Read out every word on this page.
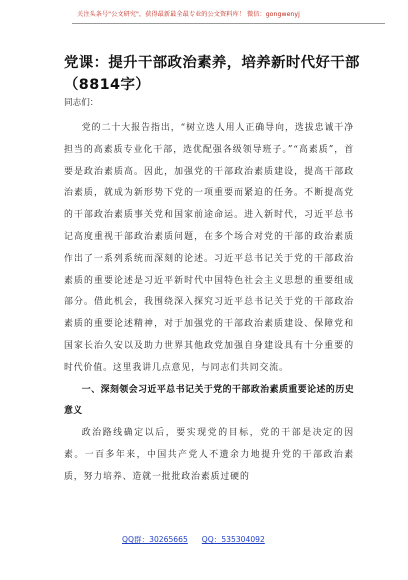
关注头条号"公文研究"，获得最新最全最专业的公文资料库！ 微信：gongwenyj
党课：提升干部政治素养，培养新时代好干部（8814字）
同志们：

党的二十大报告指出，“树立选人用人正确导向，选拔忠诚干净担当的高素质专业化干部，选优配强各级领导班子。”“高素质”，首要是政治素质高。因此，加强党的干部政治素质建设，提高干部政治素质，就成为新形势下党的一项重要而紧迫的任务。不断提高党的干部政治素质事关党和国家前途命运。进入新时代，习近平总书记高度重视干部政治素质问题，在多个场合对党的干部的政治素质作出了一系列系统而深刻的论述。习近平总书记关于党的干部政治素质的重要论述是习近平新时代中国特色社会主义思想的重要组成部分。借此机会，我围绕深入探究习近平总书记关于党的干部政治素质的重要论述精神，对于加强党的干部政治素质建设、保障党和国家长治久安以及助力世界其他政党加强自身建设具有十分重要的时代价值。这里我讲几点意见，与同志们共同交流。

一、深刻领会习近平总书记关于党的干部政治素质重要论述的历史意义

政治路线确定以后，要实现党的目标，党的干部是决定的因素。一百多年来，中国共产党人不遗余力地提升党的干部政治素质，努力培养、造就一批批政治素质过硬的

QQ群：30265665 QQ：535304092
